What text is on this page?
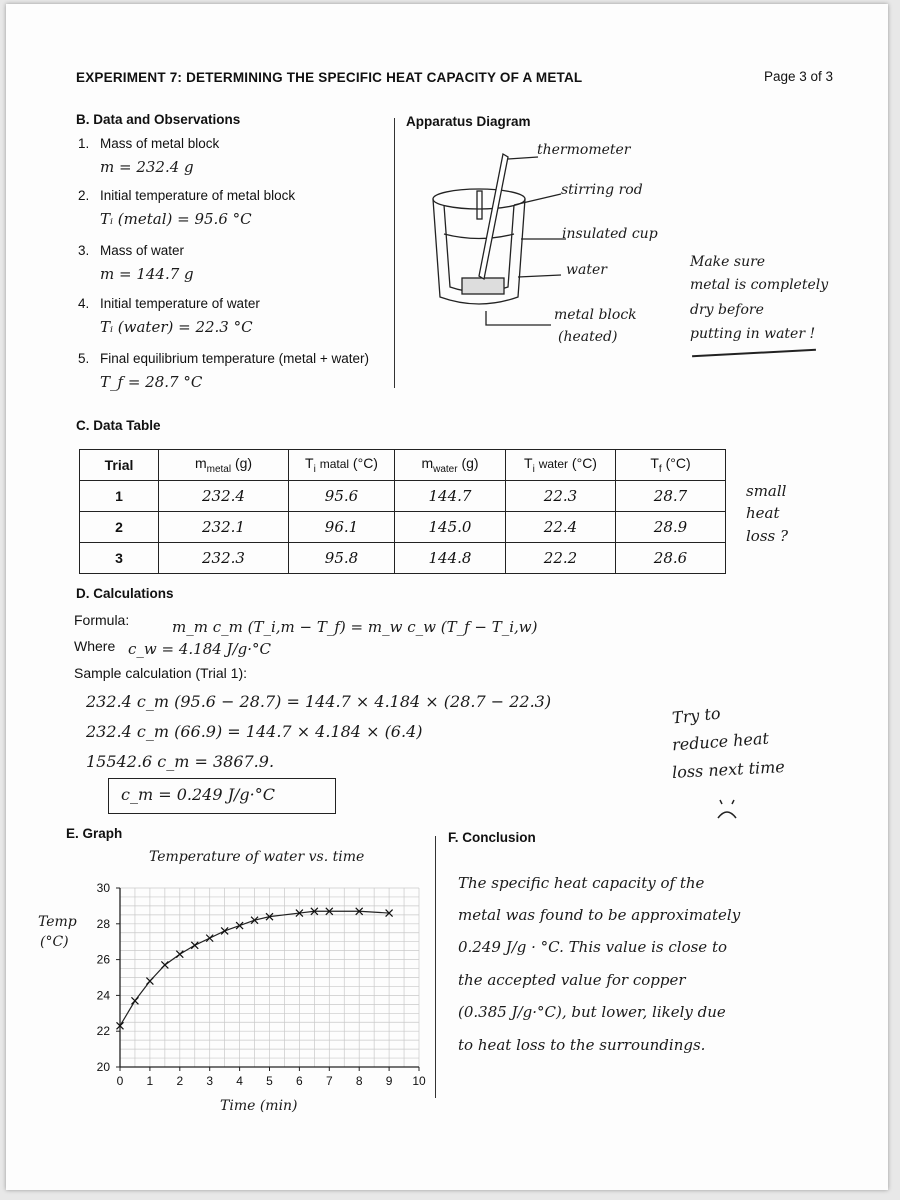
EXPERIMENT 7: DETERMINING THE SPECIFIC HEAT CAPACITY OF A METAL	Page 3 of 3
B. Data and Observations
1. Mass of metal block
m = 232.4 g
2. Initial temperature of metal block
Tᵢ (metal) = 95.6 °C
3. Mass of water
m = 144.7 g
4. Initial temperature of water
Tᵢ (water) = 22.3 °C
5. Final equilibrium temperature (metal + water)
T_f = 28.7 °C
Apparatus Diagram
thermometer
stirring rod
insulated cup
water
metal block
(heated)
Make sure
metal is completely
dry before
putting in water !
C. Data Table
Trial	$m_{metal}$ (g)	$T_i$ matal (°C)	$m_{water}$ (g)	$T_i$ water (°C)	$T_f$ (°C)
1	232.4	95.6	144.7	22.3	28.7
2	232.1	96.1	145.0	22.4	28.9
3	232.3	95.8	144.8	22.2	28.6
small
heat
loss ?
D. Calculations
Formula:	m_m c_m (T_i,m − T_f) = m_w c_w (T_f − T_i,w)
Where c_w = 4.184 J/g·°C
Sample calculation (Trial 1):
232.4 c_m (95.6 − 28.7) = 144.7 × 4.184 × (28.7 − 22.3)
232.4 c_m (66.9) = 144.7 × 4.184 × (6.4)
15542.6 c_m = 3867.9.
c_m = 0.249 J/g·°C
Try to
reduce heat
loss next time
E. Graph
Temperature of water vs. time
Temp
(°C)
0 1 2 3 4 5 6 7 8 9 10
20
22
24
26
28
30
Time (min)
F. Conclusion
The specific heat capacity of the
metal was found to be approximately
0.249 J/g · °C. This value is close to
the accepted value for copper
(0.385 J/g·°C), but lower, likely due
to heat loss to the surroundings.
